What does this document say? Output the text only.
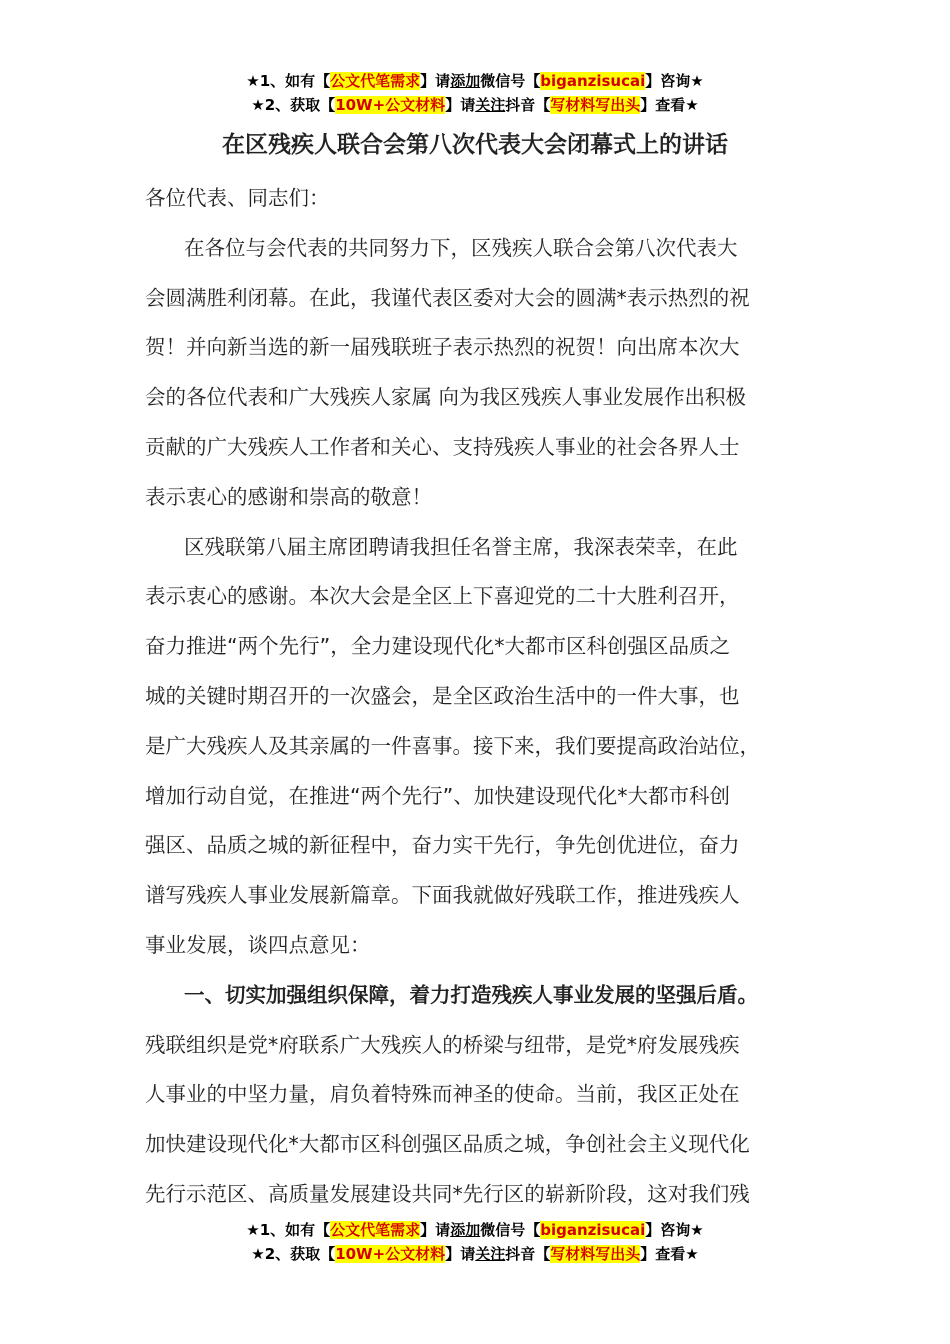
★1、如有【公文代笔需求】请添加微信号【biganzisucai】咨询★
★2、获取【10W+公文材料】请关注抖音【写材料写出头】查看★
在区残疾人联合会第八次代表大会闭幕式上的讲话
各位代表、同志们：
在各位与会代表的共同努力下，区残疾人联合会第八次代表大
会圆满胜利闭幕。在此，我谨代表区委对大会的圆满*表示热烈的祝
贺！并向新当选的新一届残联班子表示热烈的祝贺！向出席本次大
会的各位代表和广大残疾人家属 向为我区残疾人事业发展作出积极
贡献的广大残疾人工作者和关心、支持残疾人事业的社会各界人士
表示衷心的感谢和崇高的敬意！
区残联第八届主席团聘请我担任名誉主席，我深表荣幸，在此
表示衷心的感谢。本次大会是全区上下喜迎党的二十大胜利召开，
奋力推进“两个先行”，全力建设现代化*大都市区科创强区品质之
城的关键时期召开的一次盛会，是全区政治生活中的一件大事，也
是广大残疾人及其亲属的一件喜事。接下来，我们要提高政治站位，
增加行动自觉，在推进“两个先行”、加快建设现代化*大都市科创
强区、品质之城的新征程中，奋力实干先行，争先创优进位，奋力
谱写残疾人事业发展新篇章。下面我就做好残联工作，推进残疾人
事业发展，谈四点意见：
一、切实加强组织保障，着力打造残疾人事业发展的坚强后盾。
残联组织是党*府联系广大残疾人的桥梁与纽带，是党*府发展残疾
人事业的中坚力量，肩负着特殊而神圣的使命。当前，我区正处在
加快建设现代化*大都市区科创强区品质之城，争创社会主义现代化
先行示范区、高质量发展建设共同*先行区的崭新阶段，这对我们残
★1、如有【公文代笔需求】请添加微信号【biganzisucai】咨询★
★2、获取【10W+公文材料】请关注抖音【写材料写出头】查看★
